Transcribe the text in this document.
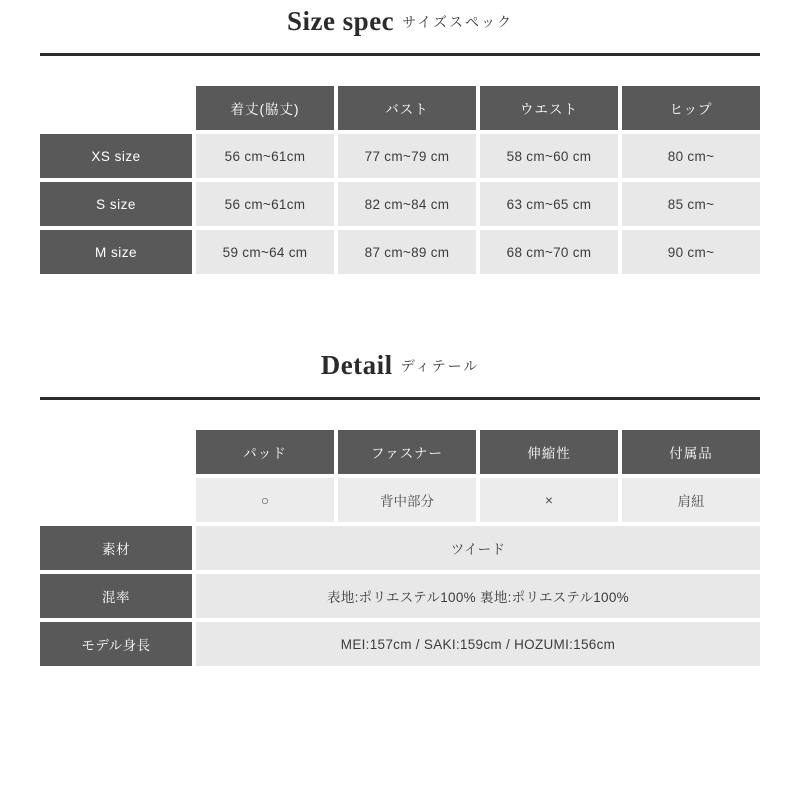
Size spec サイズスペック
	着丈(脇丈)	バスト	ウエスト	ヒップ
XS size	56 cm~61cm	77 cm~79 cm	58 cm~60 cm	80 cm~
S size	56 cm~61cm	82 cm~84 cm	63 cm~65 cm	85 cm~
M size	59 cm~64 cm	87 cm~89 cm	68 cm~70 cm	90 cm~
Detail ディテール
	パッド	ファスナー	伸縮性	付属品
	○	背中部分	×	肩紐
素材	ツイード			
混率	表地:ポリエステル100% 裏地:ポリエステル100%			
モデル身長	MEI:157cm / SAKI:159cm / HOZUMI:156cm			
